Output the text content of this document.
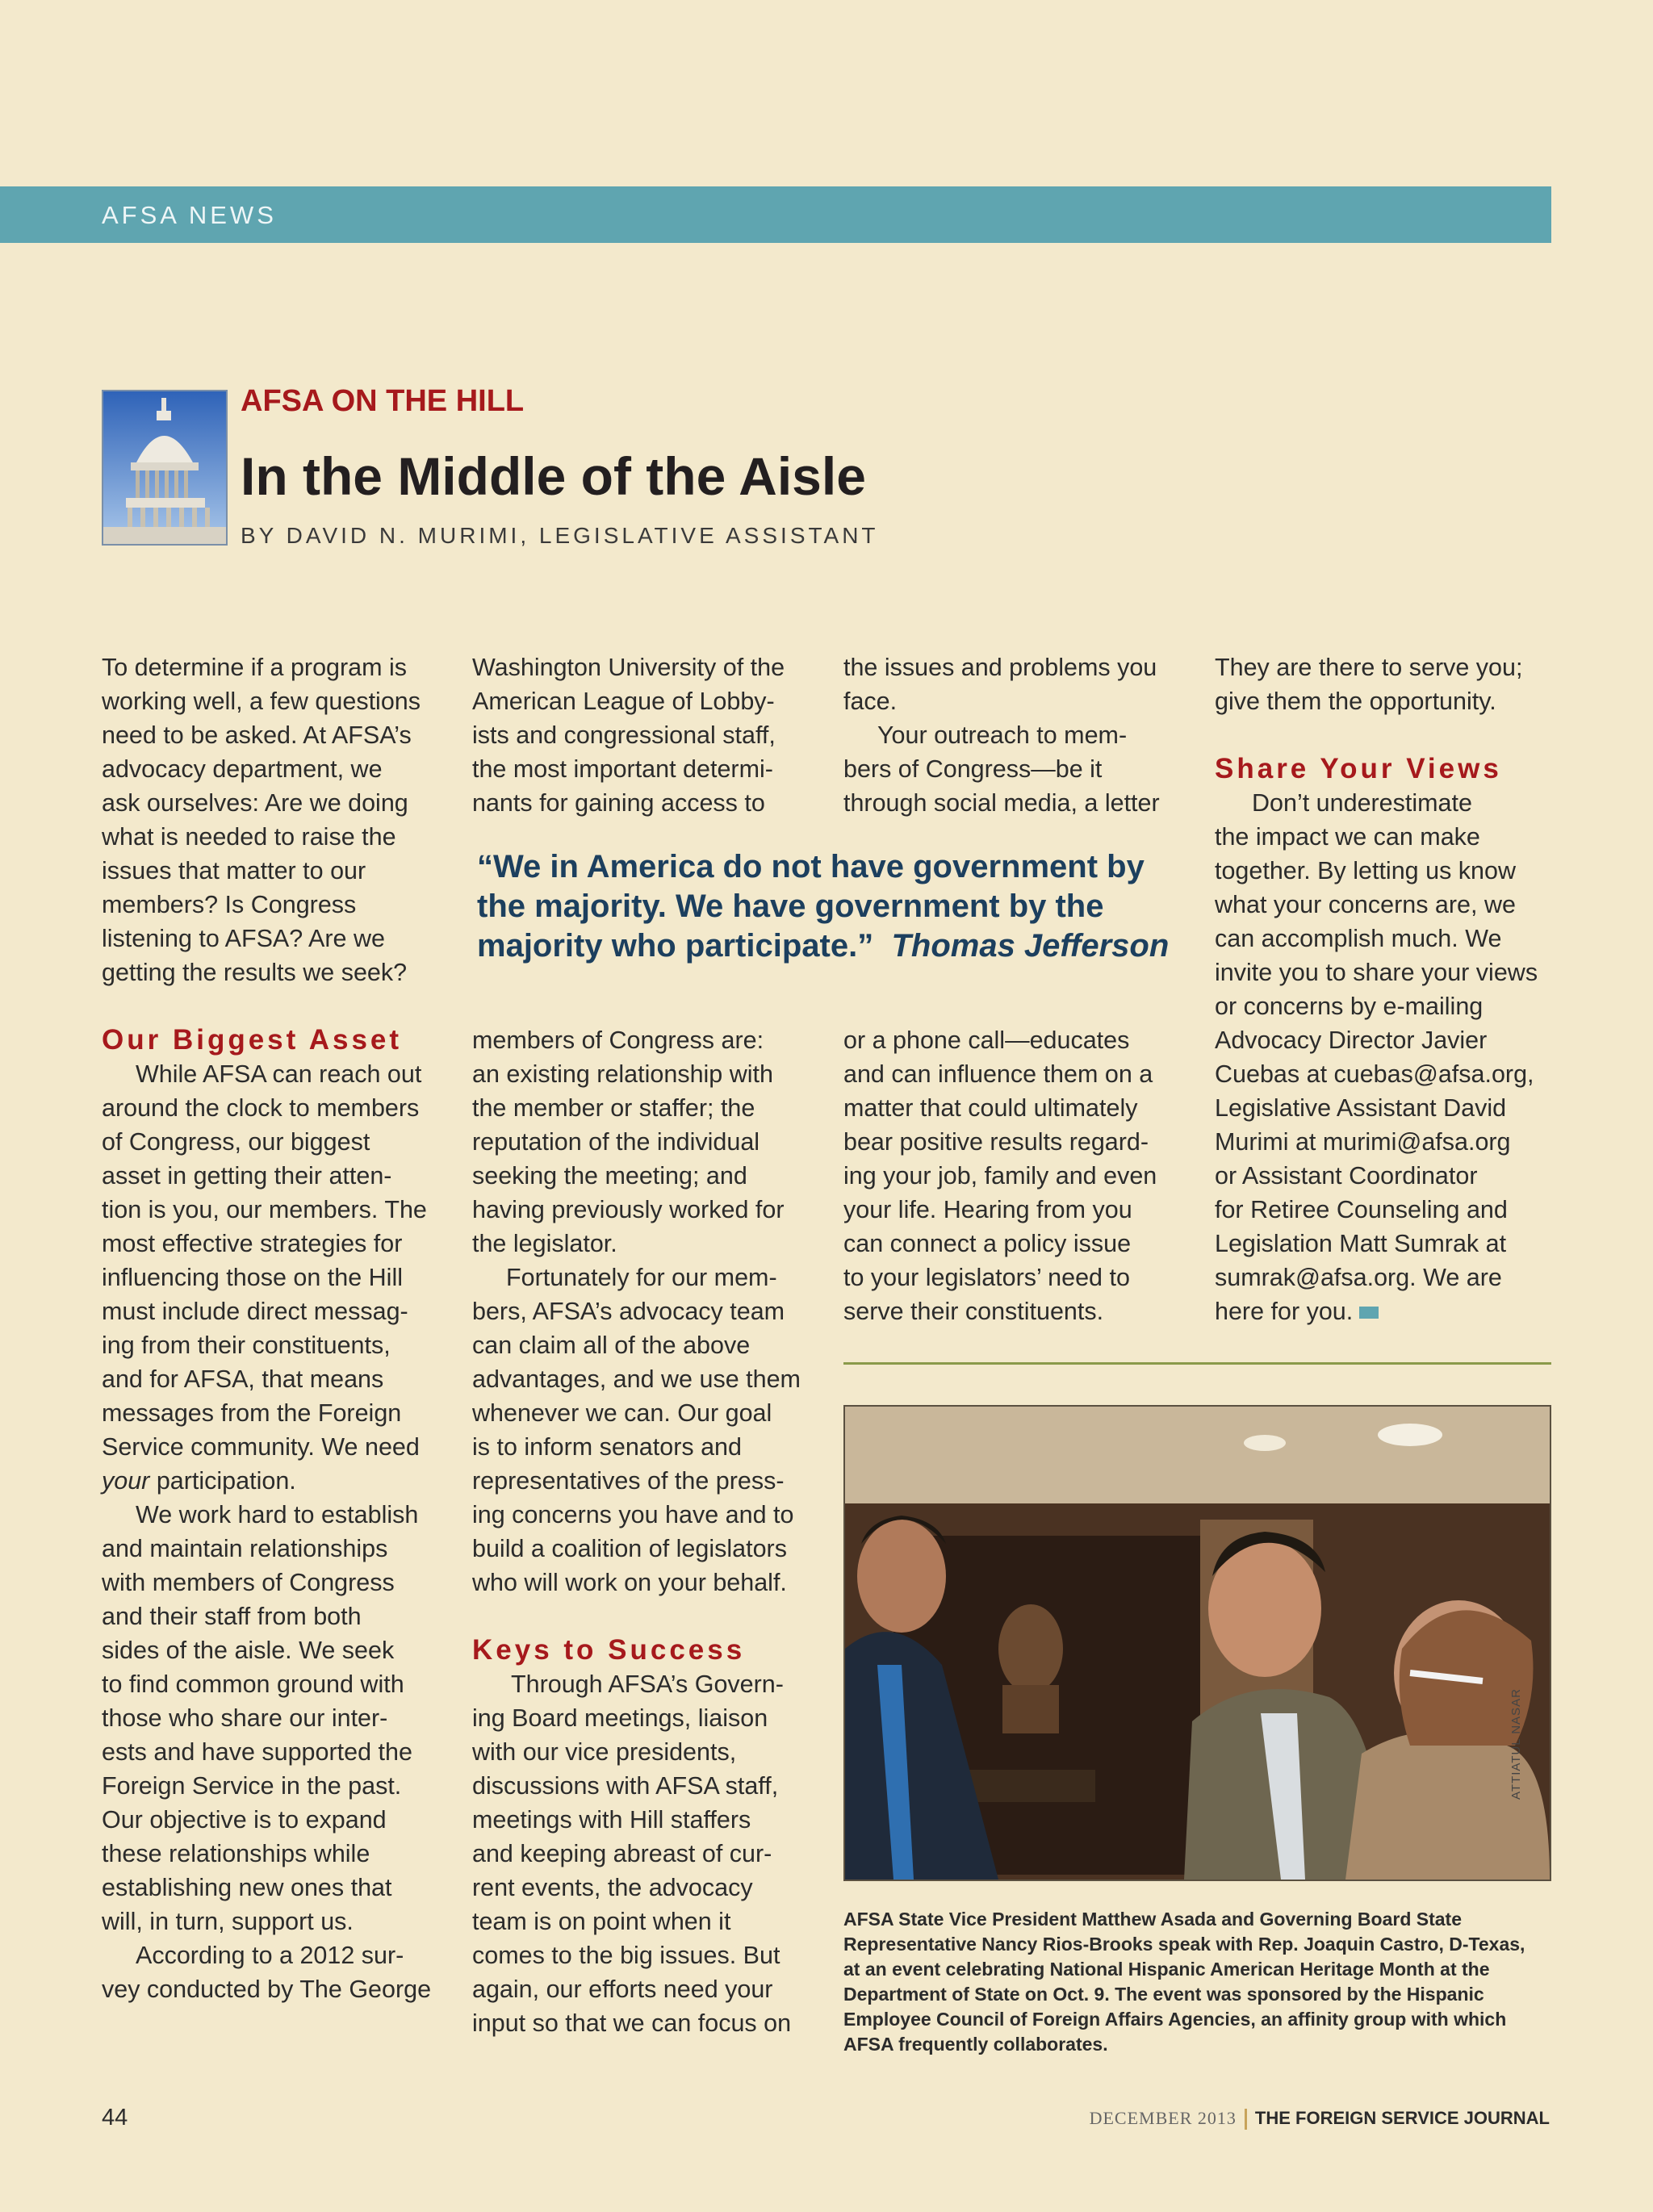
AFSA NEWS
AFSA ON THE HILL
In the Middle of the Aisle
BY DAVID N. MURIMI, LEGISLATIVE ASSISTANT

To determine if a program is
working well, a few questions
need to be asked. At AFSA’s
advocacy department, we
ask ourselves: Are we doing
what is needed to raise the
issues that matter to our
members? Is Congress
listening to AFSA? Are we
getting the results we seek?

Our Biggest Asset

While AFSA can reach out
around the clock to members
of Congress, our biggest
asset in getting their atten-
tion is you, our members. The
most effective strategies for
influencing those on the Hill
must include direct messag-
ing from their constituents,
and for AFSA, that means
messages from the Foreign
Service community. We need
your participation.

We work hard to establish
and maintain relationships
with members of Congress
and their staff from both
sides of the aisle. We seek
to find common ground with
those who share our inter-
ests and have supported the
Foreign Service in the past.
Our objective is to expand
these relationships while
establishing new ones that
will, in turn, support us.

According to a 2012 sur-
vey conducted by The George

Washington University of the
American League of Lobby-
ists and congressional staff,
the most important determi-
nants for gaining access to
the issues and problems you
face.
Your outreach to mem-
bers of Congress—be it
through social media, a letter
“We in America do not have government by
the majority. We have government by the
majority who participate.” Thomas Jefferson

members of Congress are:
an existing relationship with
the member or staffer; the
reputation of the individual
seeking the meeting; and
having previously worked for
the legislator.

Fortunately for our mem-
bers, AFSA’s advocacy team
can claim all of the above
advantages, and we use them
whenever we can. Our goal
is to inform senators and
representatives of the press-
ing concerns you have and to
build a coalition of legislators
who will work on your behalf.

Keys to Success

Through AFSA’s Govern-
ing Board meetings, liaison
with our vice presidents,
discussions with AFSA staff,
meetings with Hill staffers
and keeping abreast of cur-
rent events, the advocacy
team is on point when it
comes to the big issues. But
again, our efforts need your
input so that we can focus on

or a phone call—educates
and can influence them on a
matter that could ultimately
bear positive results regard-
ing your job, family and even
your life. Hearing from you
can connect a policy issue
to your legislators’ need to
serve their constituents.
They are there to serve you;
give them the opportunity.
Share Your Views

Don’t underestimate
the impact we can make
together. By letting us know
what your concerns are, we
can accomplish much. We
invite you to share your views
or concerns by e-mailing
Advocacy Director Javier
Cuebas at cuebas@afsa.org,
Legislative Assistant David
Murimi at murimi@afsa.org
or Assistant Coordinator
for Retiree Counseling and
Legislation Matt Sumrak at
sumrak@afsa.org. We are
here for you.

ATTIATUL NASAR
AFSA State Vice President Matthew Asada and Governing Board State
Representative Nancy Rios-Brooks speak with Rep. Joaquin Castro, D-Texas,
at an event celebrating National Hispanic American Heritage Month at the
Department of State on Oct. 9. The event was sponsored by the Hispanic
Employee Council of Foreign Affairs Agencies, an affinity group with which
AFSA frequently collaborates.
44	DECEMBER 2013 THE FOREIGN SERVICE JOURNAL
